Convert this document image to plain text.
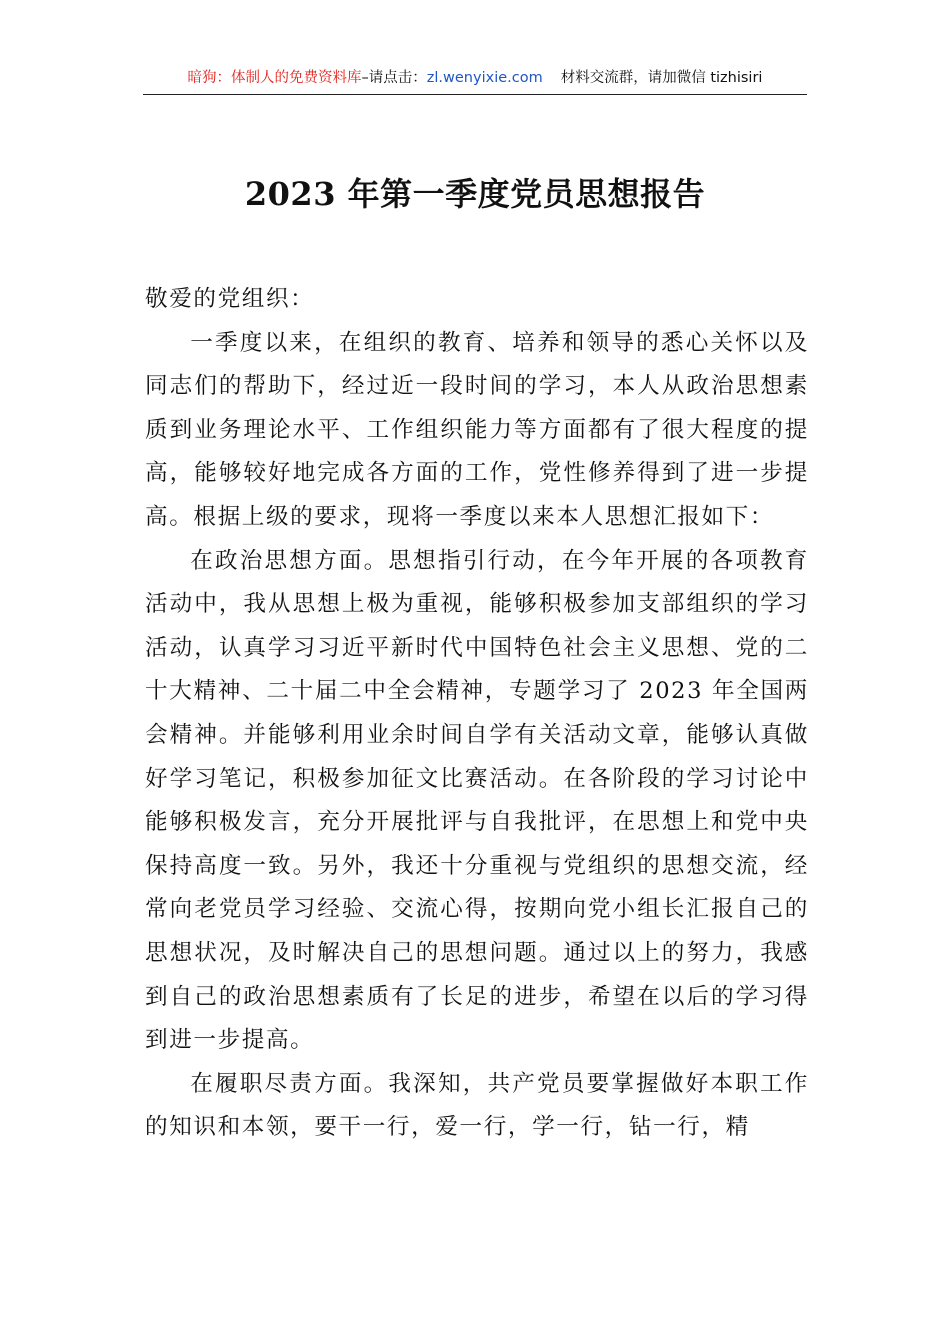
暗狗：体制人的免费资料库–请点击：zl.wenyixie.com 材料交流群，请加微信 tizhisiri
2023 年第一季度党员思想报告

敬爱的党组织：

一季度以来，在组织的教育、培养和领导的悉心关怀以及同志们的帮助下，经过近一段时间的学习，本人从政治思想素质到业务理论水平、工作组织能力等方面都有了很大程度的提高，能够较好地完成各方面的工作，党性修养得到了进一步提高。根据上级的要求，现将一季度以来本人思想汇报如下：

在政治思想方面。思想指引行动，在今年开展的各项教育活动中，我从思想上极为重视，能够积极参加支部组织的学习活动，认真学习习近平新时代中国特色社会主义思想、党的二十大精神、二十届二中全会精神，专题学习了 2023 年全国两会精神。并能够利用业余时间自学有关活动文章，能够认真做好学习笔记，积极参加征文比赛活动。在各阶段的学习讨论中能够积极发言，充分开展批评与自我批评，在思想上和党中央保持高度一致。另外，我还十分重视与党组织的思想交流，经常向老党员学习经验、交流心得，按期向党小组长汇报自己的思想状况，及时解决自己的思想问题。通过以上的努力，我感到自己的政治思想素质有了长足的进步，希望在以后的学习得到进一步提高。

在履职尽责方面。我深知，共产党员要掌握做好本职工作的知识和本领，要干一行，爱一行，学一行，钻一行，精
